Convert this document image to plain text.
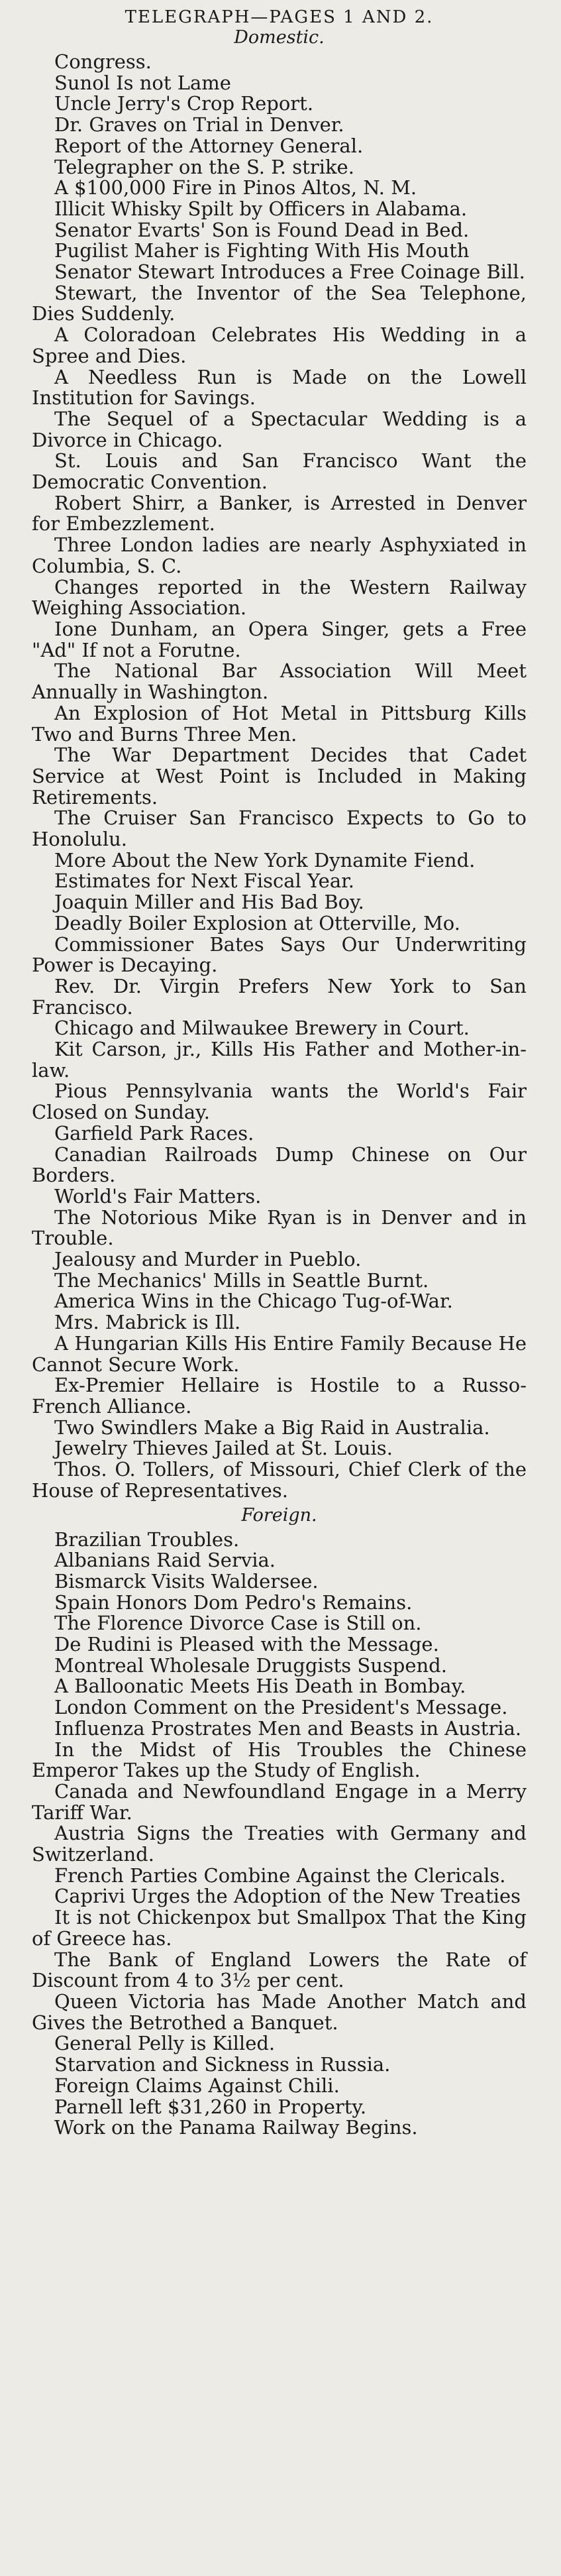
TELEGRAPH—PAGES 1 AND 2.
Domestic.

Congress.

Sunol Is not Lame

Uncle Jerry's Crop Report.

Dr. Graves on Trial in Denver.

Report of the Attorney General.

Telegrapher on the S. P. strike.

A $100,000 Fire in Pinos Altos, N. M.

Illicit Whisky Spilt by Officers in Alabama.

Senator Evarts' Son is Found Dead in Bed.

Pugilist Maher is Fighting With His Mouth

Senator Stewart Introduces a Free Coinage Bill.

Stewart, the Inventor of the Sea Telephone, Dies Suddenly.

A Coloradoan Celebrates His Wedding in a Spree and Dies.

A Needless Run is Made on the Lowell Institution for Savings.

The Sequel of a Spectacular Wedding is a Divorce in Chicago.

St. Louis and San Francisco Want the Democratic Convention.

Robert Shirr, a Banker, is Arrested in Denver for Embezzlement.

Three London ladies are nearly Asphyxiated in Columbia, S. C.

Changes reported in the Western Railway Weighing Association.

Ione Dunham, an Opera Singer, gets a Free "Ad" If not a Forutne.

The National Bar Association Will Meet Annually in Washington.

An Explosion of Hot Metal in Pittsburg Kills Two and Burns Three Men.

The War Department Decides that Cadet Service at West Point is Included in Making Retirements.

The Cruiser San Francisco Expects to Go to Honolulu.

More About the New York Dynamite Fiend.

Estimates for Next Fiscal Year.

Joaquin Miller and His Bad Boy.

Deadly Boiler Explosion at Otterville, Mo.

Commissioner Bates Says Our Underwriting Power is Decaying.

Rev. Dr. Virgin Prefers New York to San Francisco.

Chicago and Milwaukee Brewery in Court.

Kit Carson, jr., Kills His Father and Mother-in-law.

Pious Pennsylvania wants the World's Fair Closed on Sunday.

Garfield Park Races.

Canadian Railroads Dump Chinese on Our Borders.

World's Fair Matters.

The Notorious Mike Ryan is in Denver and in Trouble.

Jealousy and Murder in Pueblo.

The Mechanics' Mills in Seattle Burnt.

America Wins in the Chicago Tug-of-War.

Mrs. Mabrick is Ill.

A Hungarian Kills His Entire Family Because He Cannot Secure Work.

Ex-Premier Hellaire is Hostile to a Russo-French Alliance.

Two Swindlers Make a Big Raid in Australia.

Jewelry Thieves Jailed at St. Louis.

Thos. O. Tollers, of Missouri, Chief Clerk of the House of Representatives.

Foreign.

Brazilian Troubles.

Albanians Raid Servia.

Bismarck Visits Waldersee.

Spain Honors Dom Pedro's Remains.

The Florence Divorce Case is Still on.

De Rudini is Pleased with the Message.

Montreal Wholesale Druggists Suspend.

A Balloonatic Meets His Death in Bombay.

London Comment on the President's Message.

Influenza Prostrates Men and Beasts in Austria.

In the Midst of His Troubles the Chinese Emperor Takes up the Study of English.

Canada and Newfoundland Engage in a Merry Tariff War.

Austria Signs the Treaties with Germany and Switzerland.

French Parties Combine Against the Clericals.

Caprivi Urges the Adoption of the New Treaties

It is not Chickenpox but Smallpox That the King of Greece has.

The Bank of England Lowers the Rate of Discount from 4 to 3½ per cent.

Queen Victoria has Made Another Match and Gives the Betrothed a Banquet.

General Pelly is Killed.

Starvation and Sickness in Russia.

Foreign Claims Against Chili.

Parnell left $31,260 in Property.

Work on the Panama Railway Begins.
